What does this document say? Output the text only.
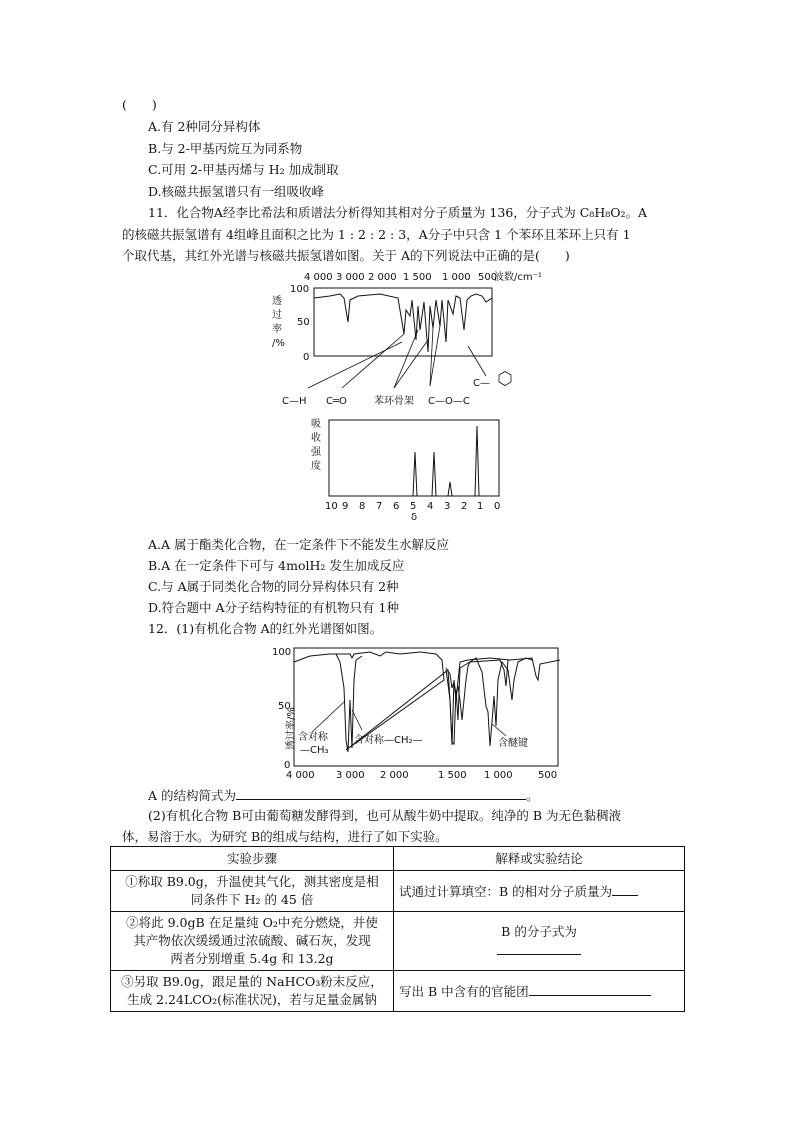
(　　)
A.有 2种同分异构体
B.与 2-甲基丙烷互为同系物
C.可用 2-甲基丙烯与 H₂ 加成制取
D.核磁共振氢谱只有一组吸收峰
11．化合物A经李比希法和质谱法分析得知其相对分子质量为 136，分子式为 C₈H₈O₂。A
的核磁共振氢谱有 4组峰且面积之比为 1 : 2 : 2 : 3，A分子中只含 1 个苯环且苯环上只有 1
个取代基，其红外光谱与核磁共振氢谱如图。关于 A的下列说法中正确的是(　　)
4 000 3 000 2 000 1 500 1 000 500
波数/cm⁻¹
透
过
率
/%
100
50
0
C—H C═O	苯环骨架 C—O—C
C—
吸
收
强
度
10 9 8 7 6 5 4 3 2 1 0
δ
A.A 属于酯类化合物，在一定条件下不能发生水解反应
B.A 在一定条件下可与 4molH₂ 发生加成反应
C.与 A属于同类化合物的同分异构体只有 2种
D.符合题中 A分子结构特征的有机物只有 1种
12．(1)有机化合物 A的红外光谱图如图。
100
50
0
透过率/% 含对称
—CH₃
含对称—CH₂—	含醚键
4 000 3 000 2 000	1 500 1 000	500
A 的结构简式为	。
(2)有机化合物 B可由葡萄糖发酵得到，也可从酸牛奶中提取。纯净的 B 为无色黏稠液
体，易溶于水。为研究 B的组成与结构，进行了如下实验。
实验步骤	解释或实验结论

①称取 B9.0g，升温使其气化，测其密度是相
同条件下 H₂ 的 45 倍	试通过计算填空：B 的相对分子质量为

②将此 9.0gB 在足量纯 O₂中充分燃烧，并使
其产物依次缓缓通过浓硫酸、碱石灰，发现
两者分别增重 5.4g 和 13.2g	B 的分子式为

③另取 B9.0g，跟足量的 NaHCO₃粉末反应，
生成 2.24LCO₂(标准状况)，若与足量金属钠	写出 B 中含有的官能团
